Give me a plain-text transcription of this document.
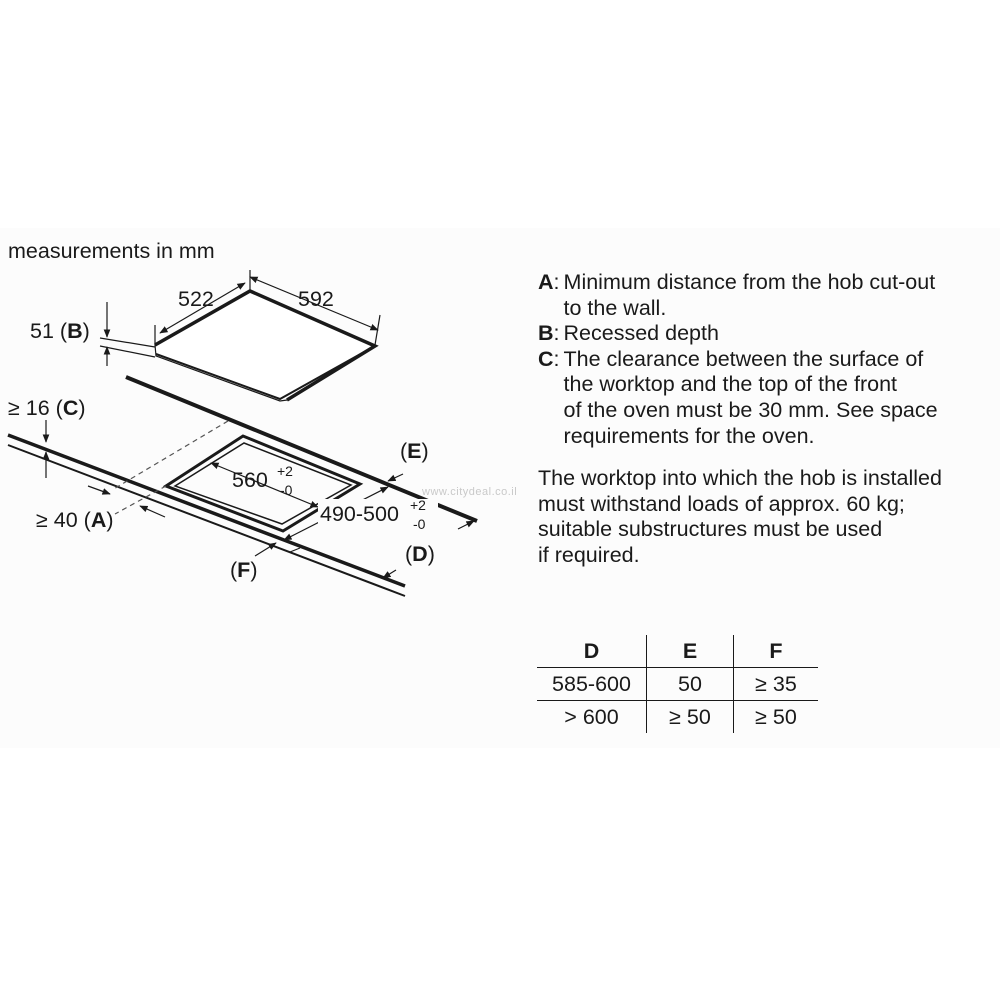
measurements in mm
522	592
51 (B)
≥ 16 (C)
560 +2
-0
490-500 +2
-0
≥ 40 (A)
(E)
(D)
(F)
www.citydeal.co.il
A : Minimum distance from the hob cut-out
to the wall.
B : Recessed depth
C : The clearance between the surface of
the worktop and the top of the front
of the oven must be 30 mm. See space
requirements for the oven.
The worktop into which the hob is installed
must withstand loads of approx. 60 kg;
suitable substructures must be used
if required.
D	E	F
585-600	50	≥ 35
> 600	≥ 50	≥ 50
